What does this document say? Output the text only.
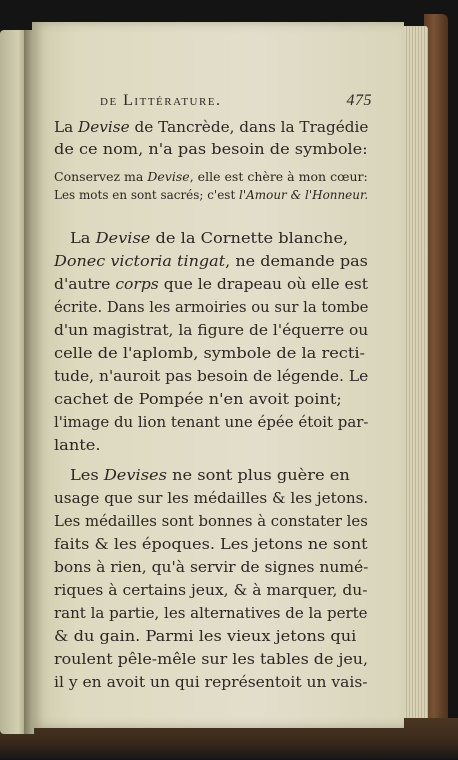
de Littérature.	475
La Devise de Tancrède, dans la Tragédie
de ce nom, n'a pas besoin de symbole:
Conservez ma Devise, elle est chère à mon cœur:
Les mots en sont sacrés; c'est l'Amour & l'Honneur.
La Devise de la Cornette blanche,
Donec victoria tingat, ne demande pas
d'autre corps que le drapeau où elle est
écrite. Dans les armoiries ou sur la tombe
d'un magistrat, la figure de l'équerre ou
celle de l'aplomb, symbole de la recti-
tude, n'auroit pas besoin de légende. Le
cachet de Pompée n'en avoit point;
l'image du lion tenant une épée étoit par-
lante.
Les Devises ne sont plus guère en
usage que sur les médailles & les jetons.
Les médailles sont bonnes à constater les
faits & les époques. Les jetons ne sont
bons à rien, qu'à servir de signes numé-
riques à certains jeux, & à marquer, du-
rant la partie, les alternatives de la perte
& du gain. Parmi les vieux jetons qui
roulent pêle-mêle sur les tables de jeu,
il y en avoit un qui représentoit un vais-
